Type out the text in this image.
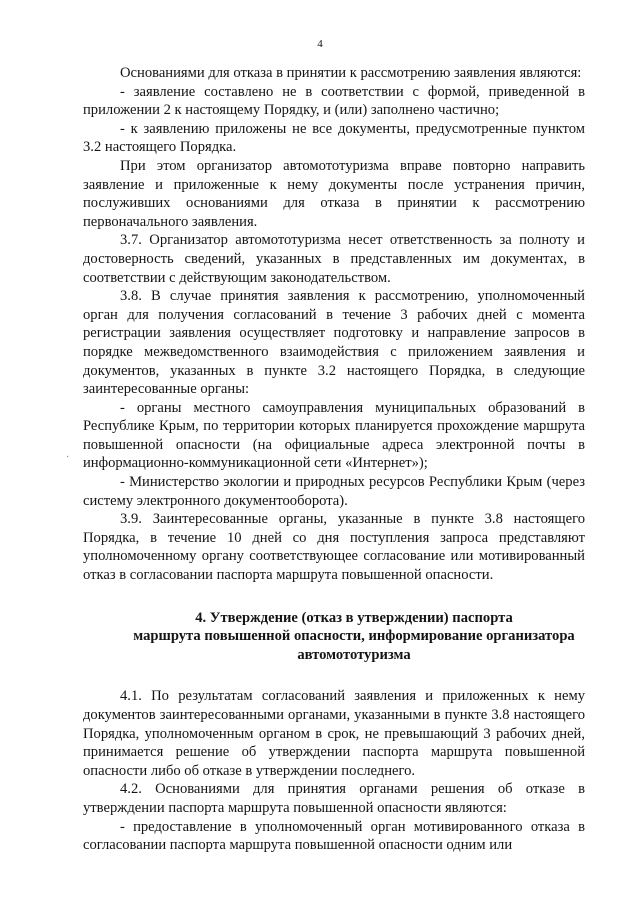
4
·

Основаниями для отказа в принятии к рассмотрению заявления являются:

- заявление составлено не в соответствии с формой, приведенной в приложении 2 к настоящему Порядку, и (или) заполнено частично;

- к заявлению приложены не все документы, предусмотренные пунктом 3.2 настоящего Порядка.

При этом организатор автомототуризма вправе повторно направить заявление и приложенные к нему документы после устранения причин, послуживших основаниями для отказа в принятии к рассмотрению первоначального заявления.

3.7. Организатор автомототуризма несет ответственность за полноту и достоверность сведений, указанных в представленных им документах, в соответствии с действующим законодательством.

3.8. В случае принятия заявления к рассмотрению, уполномоченный орган для получения согласований в течение 3 рабочих дней с момента регистрации заявления осуществляет подготовку и направление запросов в порядке межведомственного взаимодействия с приложением заявления и документов, указанных в пункте 3.2 настоящего Порядка, в следующие заинтересованные органы:

- органы местного самоуправления муниципальных образований в Республике Крым, по территории которых планируется прохождение маршрута повышенной опасности (на официальные адреса электронной почты в информационно-коммуникационной сети «Интернет»);

- Министерство экологии и природных ресурсов Республики Крым (через систему электронного документооборота).

3.9. Заинтересованные органы, указанные в пункте 3.8 настоящего Порядка, в течение 10 дней со дня поступления запроса представляют уполномоченному органу соответствующее согласование или мотивированный отказ в согласовании паспорта маршрута повышенной опасности.

4. Утверждение (отказ в утверждении) паспорта
маршрута повышенной опасности, информирование организатора
автомототуризма

4.1. По результатам согласований заявления и приложенных к нему документов заинтересованными органами, указанными в пункте 3.8 настоящего Порядка, уполномоченным органом в срок, не превышающий 3 рабочих дней, принимается решение об утверждении паспорта маршрута повышенной опасности либо об отказе в утверждении последнего.

4.2. Основаниями для принятия органами решения об отказе в утверждении паспорта маршрута повышенной опасности являются:

- предоставление в уполномоченный орган мотивированного отказа в согласовании паспорта маршрута повышенной опасности одним или
